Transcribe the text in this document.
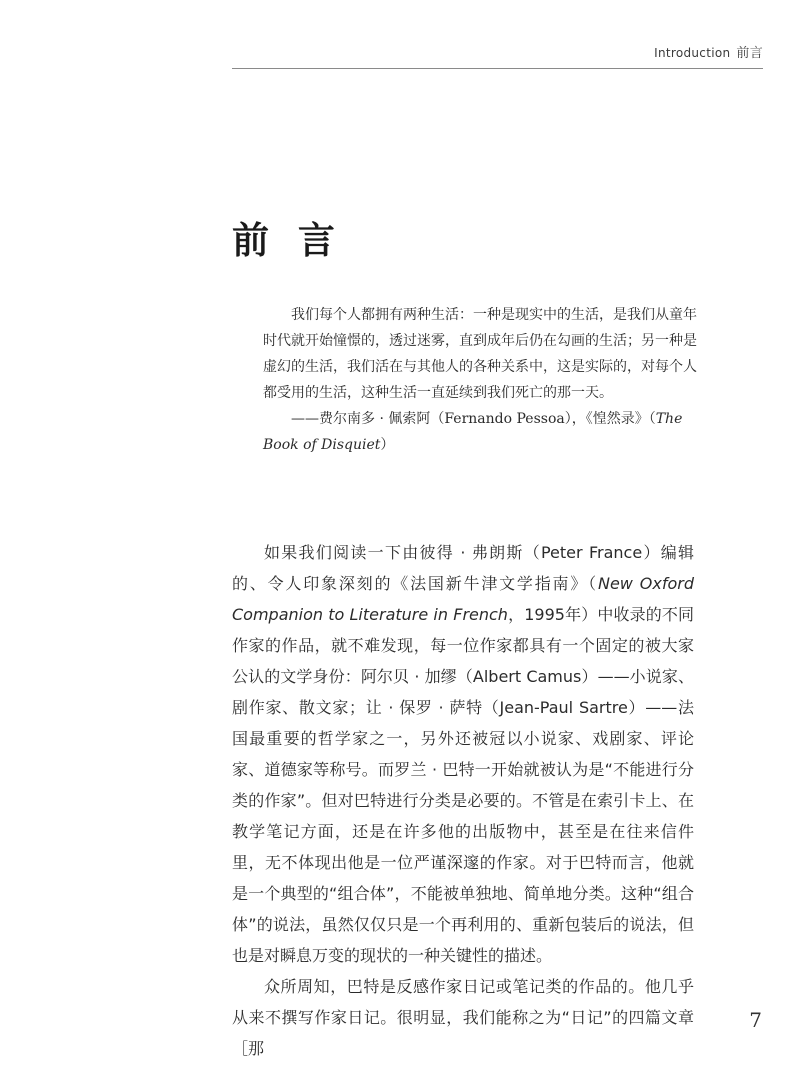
Introduction 前言
前 言

我们每个人都拥有两种生活：一种是现实中的生活，是我们从童年时代就开始憧憬的，透过迷雾，直到成年后仍在勾画的生活；另一种是虚幻的生活，我们活在与其他人的各种关系中，这是实际的，对每个人都受用的生活，这种生活一直延续到我们死亡的那一天。

——费尔南多 · 佩索阿（Fernando Pessoa），《惶然录》（The Book of Disquiet）

如果我们阅读一下由彼得 · 弗朗斯（Peter France）编辑的、令人印象深刻的《法国新牛津文学指南》（New Oxford Companion to Literature in French，1995年）中收录的不同作家的作品，就不难发现，每一位作家都具有一个固定的被大家公认的文学身份：阿尔贝 · 加缪（Albert Camus）——小说家、剧作家、散文家；让 · 保罗 · 萨特（Jean-Paul Sartre）——法国最重要的哲学家之一，另外还被冠以小说家、戏剧家、评论家、道德家等称号。而罗兰 · 巴特一开始就被认为是“不能进行分类的作家”。但对巴特进行分类是必要的。不管是在索引卡上、在教学笔记方面，还是在许多他的出版物中，甚至是在往来信件里，无不体现出他是一位严谨深邃的作家。对于巴特而言，他就是一个典型的“组合体”，不能被单独地、简单地分类。这种“组合体”的说法，虽然仅仅只是一个再利用的、重新包装后的说法，但也是对瞬息万变的现状的一种关键性的描述。

众所周知，巴特是反感作家日记或笔记类的作品的。他几乎从来不撰写作家日记。很明显，我们能称之为“日记”的四篇文章［那

7
